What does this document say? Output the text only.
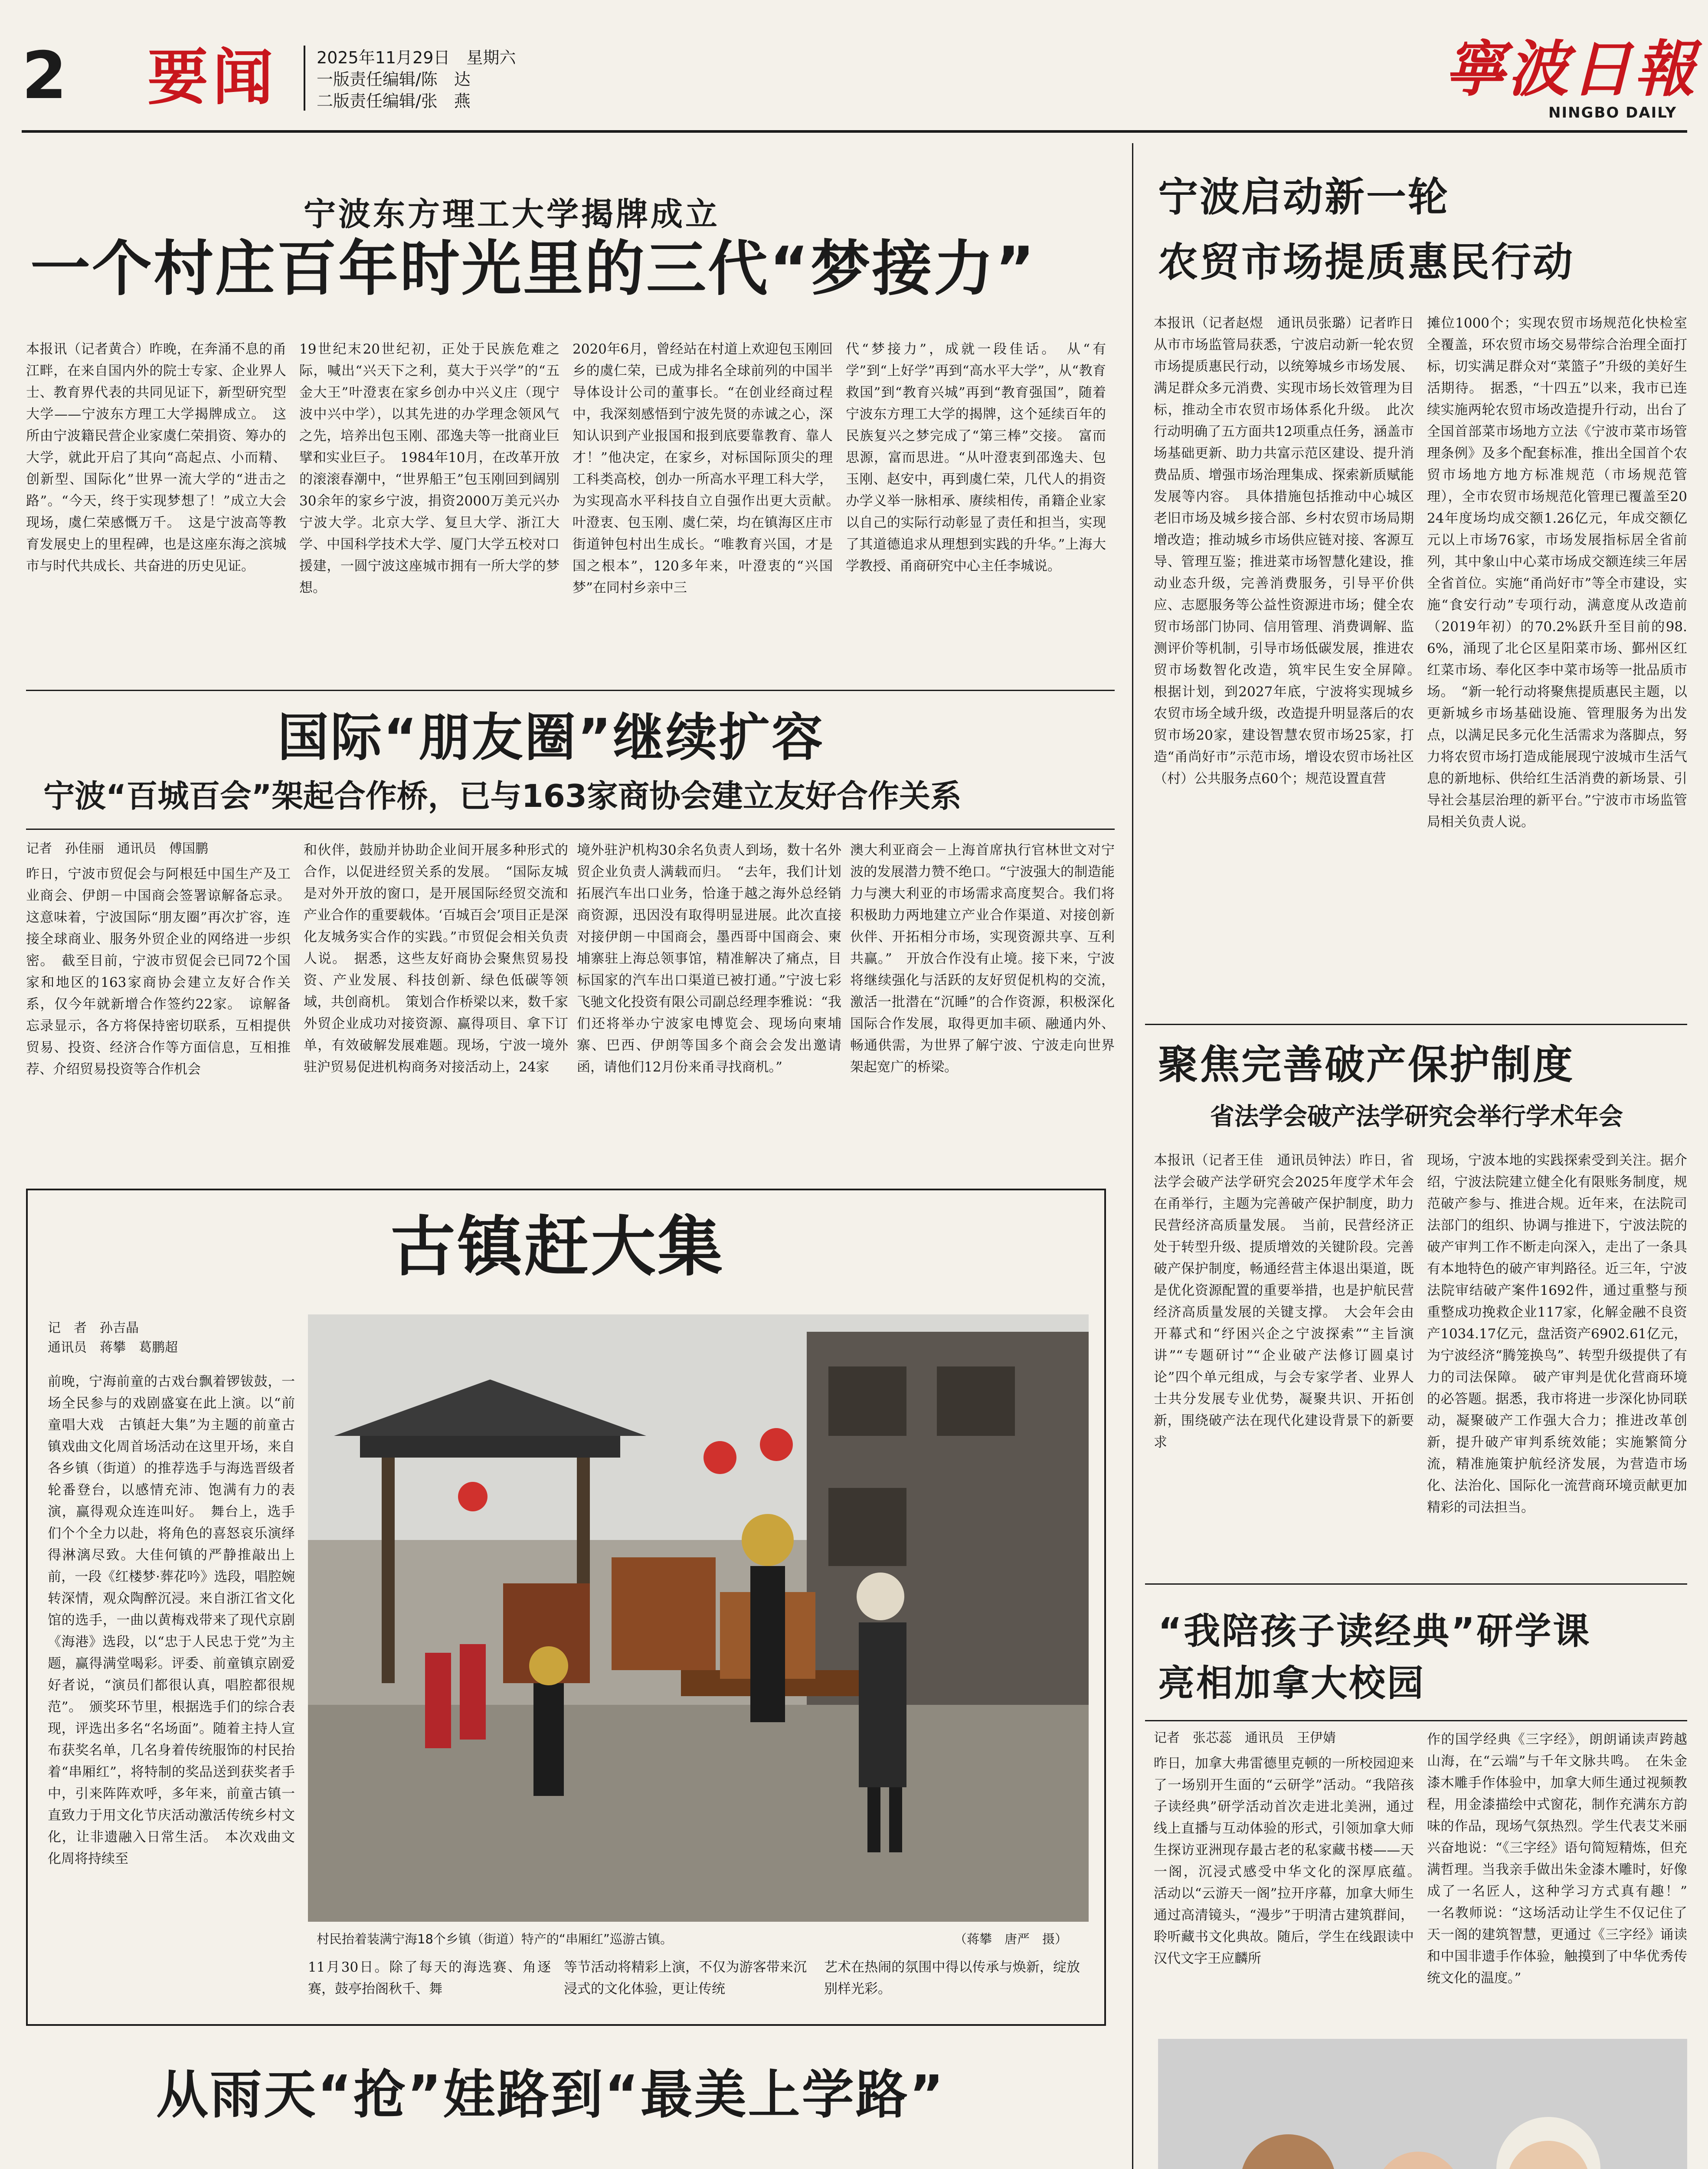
2 要闻 2025年11月29日　星期六
一版责任编辑/陈　达
二版责任编辑/张　燕	寧波日報
NINGBO DAILY
宁波东方理工大学揭牌成立
一个村庄百年时光里的三代“梦接力”
本报讯（记者黄合）昨晚，在奔涌不息的甬江畔，在来自国内外的院士专家、企业界人士、教育界代表的共同见证下，新型研究型大学——宁波东方理工大学揭牌成立。　这所由宁波籍民营企业家虞仁荣捐资、筹办的大学，就此开启了其向“高起点、小而精、创新型、国际化”世界一流大学的“进击之路”。“今天，终于实现梦想了！”成立大会现场，虞仁荣感慨万千。　这是宁波高等教育发展史上的里程碑，也是这座东海之滨城市与时代共成长、共奋进的历史见证。
19世纪末20世纪初，正处于民族危难之际，喊出“兴天下之利，莫大于兴学”的“五金大王”叶澄衷在家乡创办中兴义庄（现宁波中兴中学），以其先进的办学理念领风气之先，培养出包玉刚、邵逸夫等一批商业巨擘和实业巨子。　1984年10月，在改革开放的滚滚春潮中，“世界船王”包玉刚回到阔别30余年的家乡宁波，捐资2000万美元兴办宁波大学。北京大学、复旦大学、浙江大学、中国科学技术大学、厦门大学五校对口援建，一圆宁波这座城市拥有一所大学的梦想。
2020年6月，曾经站在村道上欢迎包玉刚回乡的虞仁荣，已成为排名全球前列的中国半导体设计公司的董事长。“在创业经商过程中，我深刻感悟到宁波先贤的赤诚之心，深知认识到产业报国和报到底要靠教育、靠人才！”他决定，在家乡，对标国际顶尖的理工科类高校，创办一所高水平理工科大学，为实现高水平科技自立自强作出更大贡献。　叶澄衷、包玉刚、虞仁荣，均在镇海区庄市街道钟包村出生成长。“唯教育兴国，才是国之根本”，120多年来，叶澄衷的“兴国梦”在同村乡亲中三
代“梦接力”，成就一段佳话。　从“有学”到“上好学”再到“高水平大学”，从“教育救国”到“教育兴城”再到“教育强国”，随着宁波东方理工大学的揭牌，这个延续百年的民族复兴之梦完成了“第三棒”交接。　富而思源，富而思进。“从叶澄衷到邵逸夫、包玉刚、赵安中，再到虞仁荣，几代人的捐资办学义举一脉相承、赓续相传，甬籍企业家以自己的实际行动彰显了责任和担当，实现了其道德追求从理想到实践的升华。”上海大学教授、甬商研究中心主任李城说。
国际“朋友圈”继续扩容
宁波“百城百会”架起合作桥，已与163家商协会建立友好合作关系
记者　孙佳丽　通讯员　傅国鹏
昨日，宁波市贸促会与阿根廷中国生产及工业商会、伊朗－中国商会签署谅解备忘录。这意味着，宁波国际“朋友圈”再次扩容，连接全球商业、服务外贸企业的网络进一步织密。　截至目前，宁波市贸促会已同72个国家和地区的163家商协会建立友好合作关系，仅今年就新增合作签约22家。　谅解备忘录显示，各方将保持密切联系，互相提供贸易、投资、经济合作等方面信息，互相推荐、介绍贸易投资等合作机会
和伙伴，鼓励并协助企业间开展多种形式的合作，以促进经贸关系的发展。　“国际友城是对外开放的窗口，是开展国际经贸交流和产业合作的重要载体。‘百城百会’项目正是深化友城务实合作的实践。”市贸促会相关负责人说。　据悉，这些友好商协会聚焦贸易投资、产业发展、科技创新、绿色低碳等领域，共创商机。　策划合作桥梁以来，数千家外贸企业成功对接资源、赢得项目、拿下订单，有效破解发展难题。现场，宁波一境外驻沪贸易促进机构商务对接活动上，24家
境外驻沪机构30余名负责人到场，数十名外贸企业负责人满载而归。　“去年，我们计划拓展汽车出口业务，恰逢于越之海外总经销商资源，迅因没有取得明显进展。此次直接对接伊朗－中国商会，墨西哥中国商会、柬埔寨驻上海总领事馆，精准解决了痛点，目标国家的汽车出口渠道已被打通。”宁波七彩飞驰文化投资有限公司副总经理李雅说：“我们还将举办宁波家电博览会、现场向柬埔寨、巴西、伊朗等国多个商会会发出邀请函，请他们12月份来甬寻找商机。”
澳大利亚商会－上海首席执行官林世文对宁波的发展潜力赞不绝口。“宁波强大的制造能力与澳大利亚的市场需求高度契合。我们将积极助力两地建立产业合作渠道、对接创新伙伴、开拓相分市场，实现资源共享、互利共赢。”　开放合作没有止境。接下来，宁波将继续强化与活跃的友好贸促机构的交流，激活一批潜在“沉睡”的合作资源，积极深化国际合作发展，取得更加丰硕、融通内外、畅通供需，为世界了解宁波、宁波走向世界架起宽广的桥梁。
古镇赶大集
记　者　孙吉晶
通讯员　蒋攀　葛鹏超
前晚，宁海前童的古戏台飘着锣钹鼓，一场全民参与的戏剧盛宴在此上演。以“前童唱大戏　古镇赶大集”为主题的前童古镇戏曲文化周首场活动在这里开场，来自各乡镇（街道）的推荐选手与海选晋级者轮番登台，以感情充沛、饱满有力的表演，赢得观众连连叫好。　舞台上，选手们个个全力以赴，将角色的喜怒哀乐演绎得淋漓尽致。大佳何镇的严静推敲出上前，一段《红楼梦·葬花吟》选段，唱腔婉转深情，观众陶醉沉浸。来自浙江省文化馆的选手，一曲以黄梅戏带来了现代京剧《海港》选段，以“忠于人民忠于党”为主题，赢得满堂喝彩。评委、前童镇京剧爱好者说，“演员们都很认真，唱腔都很规范”。　颁奖环节里，根据选手们的综合表现，评选出多名“名场面”。随着主持人宣布获奖名单，几名身着传统服饰的村民抬着“串厢红”，将特制的奖品送到获奖者手中，引来阵阵欢呼，多年来，前童古镇一直致力于用文化节庆活动激活传统乡村文化，让非遗融入日常生活。　本次戏曲文化周将持续至
村民抬着装满宁海18个乡镇（街道）特产的“串厢红”巡游古镇。	（蒋攀　唐严　摄）
11月30日。除了每天的海选赛、角逐赛，鼓亭抬阁秋千、舞
等节活动将精彩上演，不仅为游客带来沉浸式的文化体验，更让传统
艺术在热闹的氛围中得以传承与焕新，绽放别样光彩。
从雨天“抢”娃路到“最美上学路”
宁波启动新一轮
农贸市场提质惠民行动
本报讯（记者赵煜　通讯员张璐）记者昨日从市市场监管局获悉，宁波启动新一轮农贸市场提质惠民行动，以统筹城乡市场发展、满足群众多元消费、实现市场长效管理为目标，推动全市农贸市场体系化升级。　此次行动明确了五方面共12项重点任务，涵盖市场基础更新、助力共富示范区建设、提升消费品质、增强市场治理集成、探索新质赋能发展等内容。　具体措施包括推动中心城区老旧市场及城乡接合部、乡村农贸市场局期增改造；推动城乡市场供应链对接、客源互导、管理互鉴；推进菜市场智慧化建设，推动业态升级，完善消费服务，引导平价供应、志愿服务等公益性资源进市场；健全农贸市场部门协同、信用管理、消费调解、监测评价等机制，引导市场低碳发展，推进农贸市场数智化改造，筑牢民生安全屏障。　根据计划，到2027年底，宁波将实现城乡农贸市场全域升级，改造提升明显落后的农贸市场20家，建设智慧农贸市场25家，打造“甬尚好市”示范市场，增设农贸市场社区（村）公共服务点60个；规范设置直营
摊位1000个；实现农贸市场规范化快检室全覆盖，环农贸市场交易带综合治理全面打标，切实满足群众对“菜篮子”升级的美好生活期待。　据悉，“十四五”以来，我市已连续实施两轮农贸市场改造提升行动，出台了全国首部菜市场地方立法《宁波市菜市场管理条例》及多个配套标准，推出全国首个农贸市场地方地方标准规范（市场规范管理），全市农贸市场规范化管理已覆盖至2024年度场均成交额1.26亿元，年成交额亿元以上市场76家，市场发展指标居全省前列，其中象山中心菜市场成交额连续三年居全省首位。实施“甬尚好市”等全市建设，实施“食安行动”专项行动，满意度从改造前（2019年初）的70.2%跃升至目前的98.6%，涌现了北仑区星阳菜市场、鄞州区红红菜市场、奉化区李中菜市场等一批品质市场。　“新一轮行动将聚焦提质惠民主题，以更新城乡市场基础设施、管理服务为出发点，以满足民多元化生活需求为落脚点，努力将农贸市场打造成能展现宁波城市生活气息的新地标、供给红生活消费的新场景、引导社会基层治理的新平台。”宁波市市场监管局相关负责人说。
聚焦完善破产保护制度
省法学会破产法学研究会举行学术年会
本报讯（记者王佳　通讯员钟法）昨日，省法学会破产法学研究会2025年度学术年会在甬举行，主题为完善破产保护制度，助力民营经济高质量发展。　当前，民营经济正处于转型升级、提质增效的关键阶段。完善破产保护制度，畅通经营主体退出渠道，既是优化资源配置的重要举措，也是护航民营经济高质量发展的关键支撑。　大会年会由开幕式和“纾困兴企之宁波探索”“主旨演讲”“专题研讨”“企业破产法修订圆桌讨论”四个单元组成，与会专家学者、业界人士共分发展专业优势，凝聚共识、开拓创新，围绕破产法在现代化建设背景下的新要求
现场，宁波本地的实践探索受到关注。据介绍，宁波法院建立健全化有限账务制度，规范破产参与、推进合规。近年来，在法院司法部门的组织、协调与推进下，宁波法院的破产审判工作不断走向深入，走出了一条具有本地特色的破产审判路径。近三年，宁波法院审结破产案件1692件，通过重整与预重整成功挽救企业117家，化解金融不良资产1034.17亿元，盘活资产6902.61亿元，为宁波经济“腾笼换鸟”、转型升级提供了有力的司法保障。　破产审判是优化营商环境的必答题。据悉，我市将进一步深化协同联动，凝聚破产工作强大合力；推进改革创新，提升破产审判系统效能；实施繁简分流，精准施策护航经济发展，为营造市场化、法治化、国际化一流营商环境贡献更加精彩的司法担当。
“我陪孩子读经典”研学课
亮相加拿大校园
记者　张芯蕊　通讯员　王伊婧
昨日，加拿大弗雷德里克顿的一所校园迎来了一场别开生面的“云研学”活动。“我陪孩子读经典”研学活动首次走进北美洲，通过线上直播与互动体验的形式，引领加拿大师生探访亚洲现存最古老的私家藏书楼——天一阁，沉浸式感受中华文化的深厚底蕴。　活动以“云游天一阁”拉开序幕，加拿大师生通过高清镜头，“漫步”于明清古建筑群间，聆听藏书文化典故。随后，学生在线跟读中汉代文字王应麟所
作的国学经典《三字经》，朗朗诵读声跨越山海，在“云端”与千年文脉共鸣。　在朱金漆木雕手作体验中，加拿大师生通过视频教程，用金漆描绘中式窗花，制作充满东方韵味的作品，现场气氛热烈。学生代表艾米丽兴奋地说：“《三字经》语句简短精炼，但充满哲理。当我亲手做出朱金漆木雕时，好像成了一名匠人，这种学习方式真有趣！”　一名教师说：“这场活动让学生不仅记住了天一阁的建筑智慧，更通过《三字经》诵读和中国非遗手作体验，触摸到了中华优秀传统文化的温度。”
